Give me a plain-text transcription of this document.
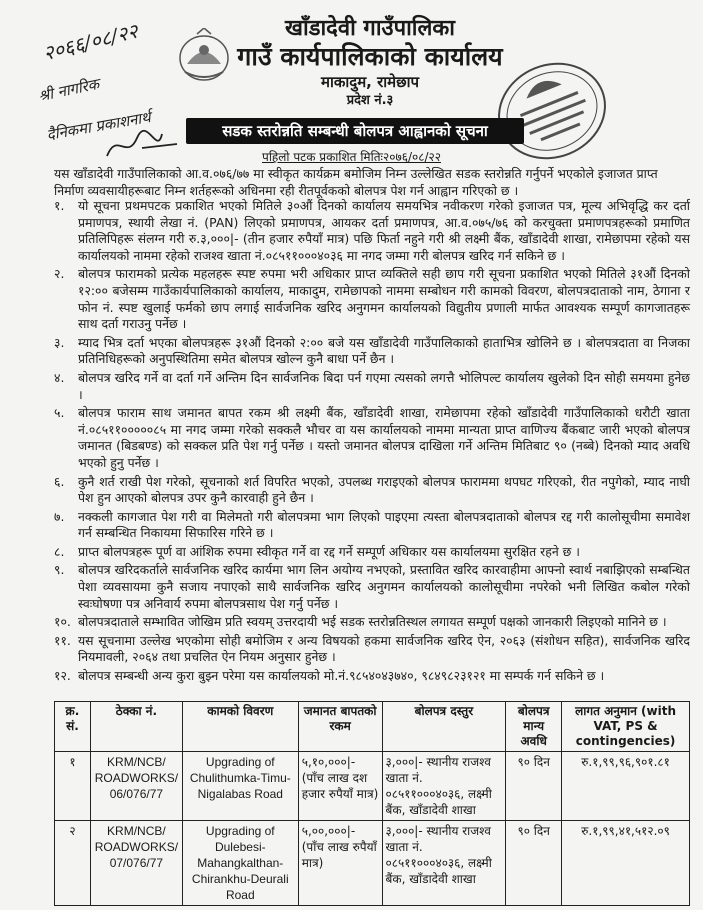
२०६६/०८/२२
श्री नागरिक
दैनिकमा प्रकाशनार्थ
खाँडादेवी गाउँपालिका
गाउँ कार्यपालिकाको कार्यालय
माकादुम, रामेछाप
प्रदेश नं.३
सडक स्तरोन्नति सम्बन्धी बोलपत्र आह्वानको सूचना
पहिलो पटक प्रकाशित मितिः२०७६/०८/२२
यस खाँडादेवी गाउँपालिकाको आ.व.०७६/७७ मा स्वीकृत कार्यक्रम बमोजिम निम्न उल्लेखित सडक स्तरोन्नति गर्नुपर्ने भएकोले इजाजत प्राप्त निर्माण व्यवसायीहरूबाट निम्न शर्तहरूको अधिनमा रही रीतपूर्वकको बोलपत्र पेश गर्न आह्वान गरिएको छ ।
१.	यो सूचना प्रथमपटक प्रकाशित भएको मितिले ३०औं दिनको कार्यालय समयभित्र नवीकरण गरेको इजाजत पत्र, मूल्य अभिवृद्धि कर दर्ता प्रमाणपत्र, स्थायी लेखा नं. (PAN) लिएको प्रमाणपत्र, आयकर दर्ता प्रमाणपत्र, आ.व.०७५/७६ को करचुक्ता प्रमाणपत्रहरूको प्रमाणित प्रतिलिपिहरू संलग्न गरी रु.३,०००|- (तीन हजार रुपैयाँ मात्र) पछि फिर्ता नहुने गरी श्री लक्ष्मी बैंक, खाँडादेवी शाखा, रामेछापमा रहेको यस कार्यालयको नाममा रहेको राजश्व खाता नं.०८५११०००४०३६ मा नगद जम्मा गरी बोलपत्र खरिद गर्न सकिने छ ।
२.	बोलपत्र फारामको प्रत्येक महलहरू स्पष्ट रुपमा भरी अधिकार प्राप्त व्यक्तिले सही छाप गरी सूचना प्रकाशित भएको मितिले ३१औं दिनको १२:०० बजेसम्म गाउँकार्यपालिकाको कार्यालय, माकादुम, रामेछापको नाममा सम्बोधन गरी कामको विवरण, बोलपत्रदाताको नाम, ठेगाना र फोन नं. स्पष्ट खुलाई फर्मको छाप लगाई सार्वजनिक खरिद अनुगमन कार्यालयको विद्युतीय प्रणाली मार्फत आवश्यक सम्पूर्ण कागजातहरू साथ दर्ता गराउनु पर्नेछ ।
३.	म्याद भित्र दर्ता भएका बोलपत्रहरू ३१औं दिनको २:०० बजे यस खाँडादेवी गाउँपालिकाको हाताभित्र खोलिने छ । बोलपत्रदाता वा निजका प्रतिनिधिहरूको अनुपस्थितिमा समेत बोलपत्र खोल्न कुनै बाधा पर्ने छैन ।
४.	बोलपत्र खरिद गर्ने वा दर्ता गर्ने अन्तिम दिन सार्वजनिक बिदा पर्न गएमा त्यसको लगत्तै भोलिपल्ट कार्यालय खुलेको दिन सोही समयमा हुनेछ ।
५.	बोलपत्र फाराम साथ जमानत बापत रकम श्री लक्ष्मी बैंक, खाँडादेवी शाखा, रामेछापमा रहेको खाँडादेवी गाउँपालिकाको धरौटी खाता नं.०८५११०००००८५ मा नगद जम्मा गरेको सक्कलै भौचर वा यस कार्यालयको नाममा मान्यता प्राप्त वाणिज्य बैंकबाट जारी भएको बोलपत्र जमानत (बिडबण्ड) को सक्कल प्रति पेश गर्नु पर्नेछ । यस्तो जमानत बोलपत्र दाखिला गर्ने अन्तिम मितिबाट ९० (नब्बे) दिनको म्याद अवधि भएको हुनु पर्नेछ ।
६.	कुनै शर्त राखी पेश गरेको, सूचनाको शर्त विपरित भएको, उपलब्ध गराइएको बोलपत्र फाराममा थपघट गरिएको, रीत नपुगेको, म्याद नाघी पेश हुन आएको बोलपत्र उपर कुनै कारवाही हुने छैन ।
७.	नक्कली कागजात पेश गरी वा मिलेमतो गरी बोलपत्रमा भाग लिएको पाइएमा त्यस्ता बोलपत्रदाताको बोलपत्र रद्द गरी कालोसूचीमा समावेश गर्न सम्बन्धित निकायमा सिफारिस गरिने छ ।
८.	प्राप्त बोलपत्रहरू पूर्ण वा आंशिक रुपमा स्वीकृत गर्ने वा रद्द गर्ने सम्पूर्ण अधिकार यस कार्यालयमा सुरक्षित रहने छ ।
९.	बोलपत्र खरिदकर्ताले सार्वजनिक खरिद कार्यमा भाग लिन अयोग्य नभएको, प्रस्तावित खरिद कारवाहीमा आफ्नो स्वार्थ नबाझिएको सम्बन्धित पेशा व्यवसायमा कुनै सजाय नपाएको साथै सार्वजनिक खरिद अनुगमन कार्यालयको कालोसूचीमा नपरेको भनी लिखित कबोल गरेको स्वःघोषणा पत्र अनिवार्य रुपमा बोलपत्रसाथ पेश गर्नु पर्नेछ ।
१०. बोलपत्रदाताले सम्भावित जोखिम प्रति स्वयम् उत्तरदायी भई सडक स्तरोन्नतिस्थल लगायत सम्पूर्ण पक्षको जानकारी लिइएको मानिने छ ।
११. यस सूचनामा उल्लेख भएकोमा सोही बमोजिम र अन्य विषयको हकमा सार्वजनिक खरिद ऐन, २०६३ (संशोधन सहित), सार्वजनिक खरिद नियमावली, २०६४ तथा प्रचलित ऐन नियम अनुसार हुनेछ ।
१२. बोलपत्र सम्बन्धी अन्य कुरा बुझ्न परेमा यस कार्यालयको मो.नं.९८५४०४३७४०, ९८४९८२३१२१ मा सम्पर्क गर्न सकिने छ ।
क्र. सं.	ठेक्का नं.	कामको विवरण	जमानत बापतको रकम	बोलपत्र दस्तुर	बोलपत्र मान्य अवधि	लागत अनुमान (with VAT, PS & contingencies)
१	KRM/NCB/ ROADWORKS/ 06/076/77	Upgrading of Chulithumka-Timu-Nigalabas Road	५,१०,०००|- (पाँच लाख दश हजार रुपैयाँ मात्र)	३,०००|- स्थानीय राजश्व खाता नं. ०८५११०००४०३६, लक्ष्मी बैंक, खाँडादेवी शाखा	९० दिन	रु.१,९९,९६,९०१.८१
२	KRM/NCB/ ROADWORKS/ 07/076/77	Upgrading of Dulebesi-Mahangkalthan-Chirankhu-Deurali Road	५,००,०००|- (पाँच लाख रुपैयाँ मात्र)	३,०००|- स्थानीय राजश्व खाता नं. ०८५११०००४०३६, लक्ष्मी बैंक, खाँडादेवी शाखा	९० दिन	रु.१,९९,४१,५१२.०९
